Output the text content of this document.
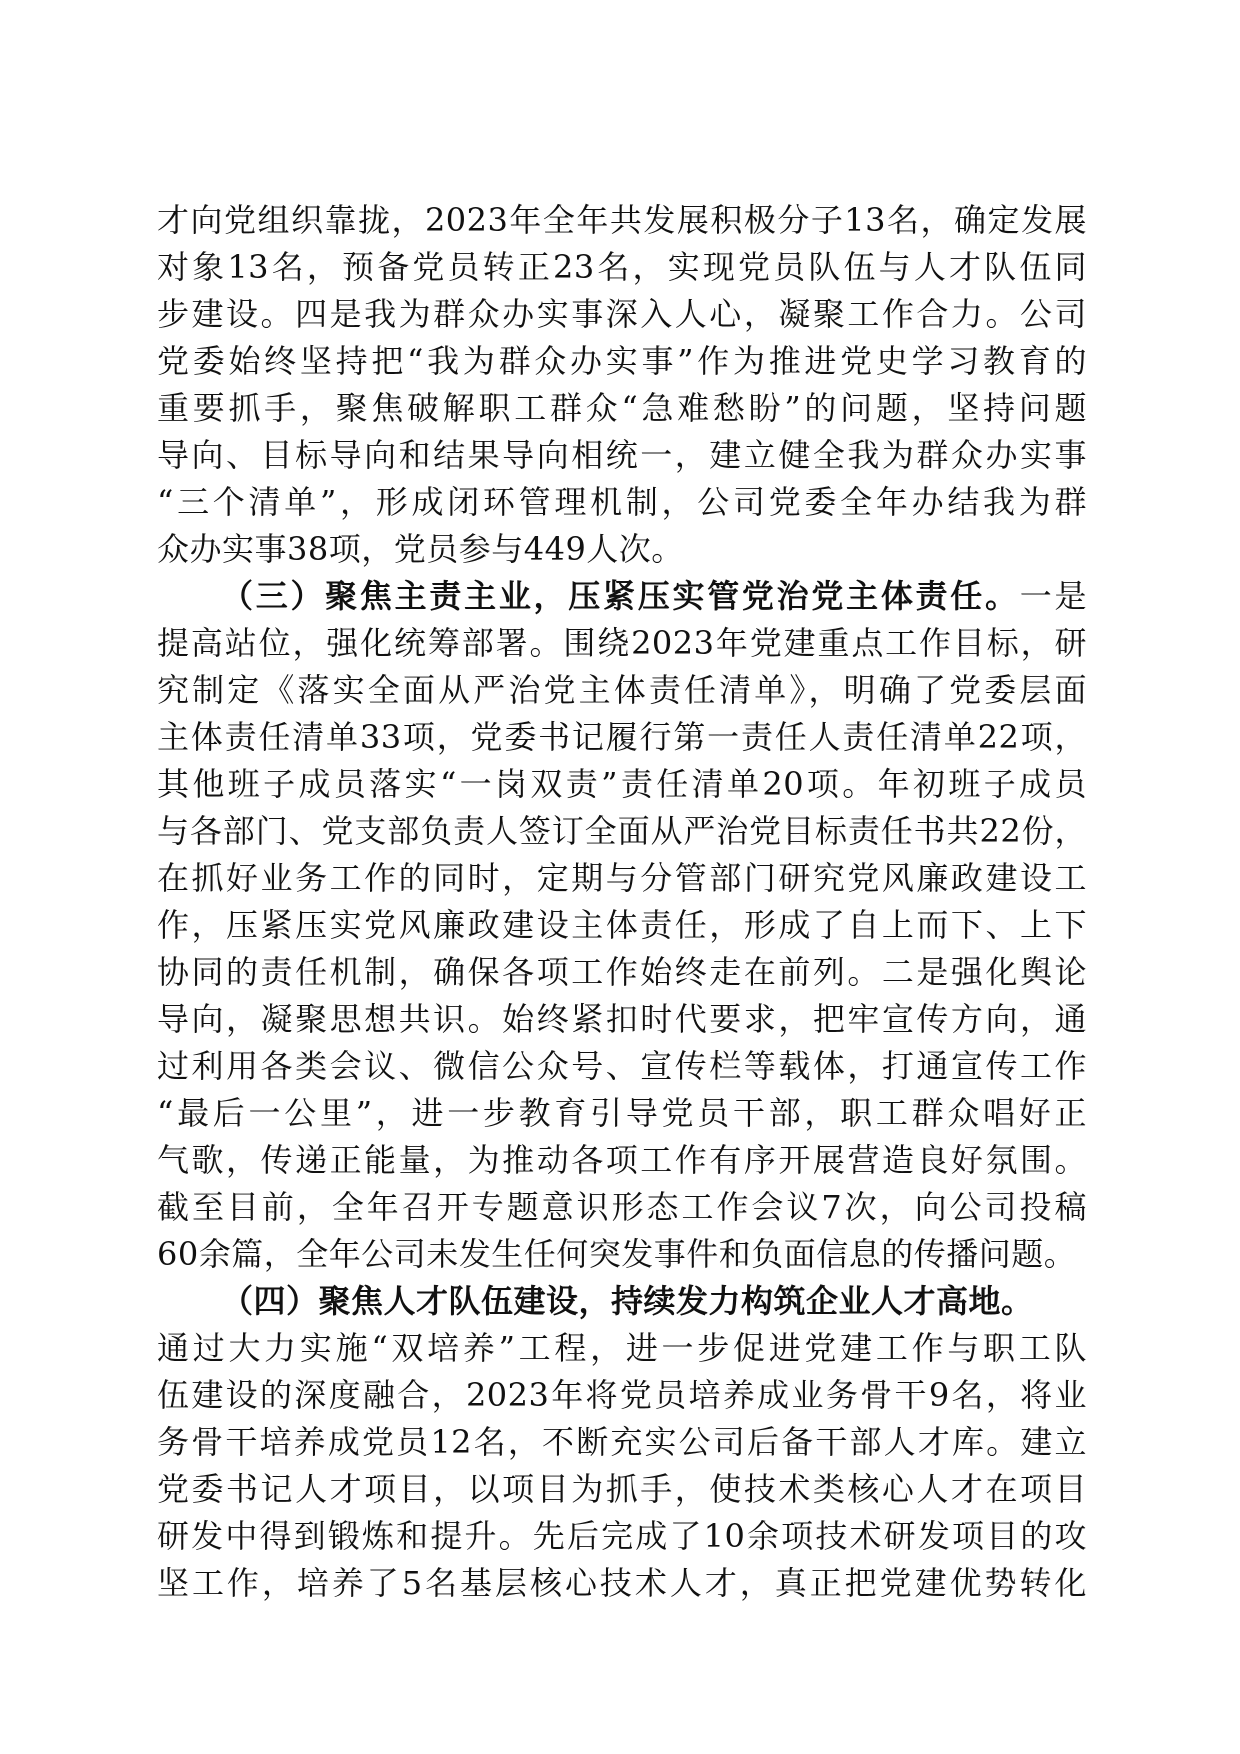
才向党组织靠拢，2023年全年共发展积极分子13名，确定发展
对象13名，预备党员转正23名，实现党员队伍与人才队伍同
步建设。四是我为群众办实事深入人心，凝聚工作合力。公司
党委始终坚持把“我为群众办实事”作为推进党史学习教育的
重要抓手，聚焦破解职工群众“急难愁盼”的问题，坚持问题
导向、目标导向和结果导向相统一，建立健全我为群众办实事
“三个清单”，形成闭环管理机制，公司党委全年办结我为群
众办实事38项，党员参与449人次。
（三）聚焦主责主业，压紧压实管党治党主体责任。一是
提高站位，强化统筹部署。围绕2023年党建重点工作目标，研
究制定《落实全面从严治党主体责任清单》，明确了党委层面
主体责任清单33项，党委书记履行第一责任人责任清单22项，
其他班子成员落实“一岗双责”责任清单20项。年初班子成员
与各部门、党支部负责人签订全面从严治党目标责任书共22份，
在抓好业务工作的同时，定期与分管部门研究党风廉政建设工
作，压紧压实党风廉政建设主体责任，形成了自上而下、上下
协同的责任机制，确保各项工作始终走在前列。二是强化舆论
导向，凝聚思想共识。始终紧扣时代要求，把牢宣传方向，通
过利用各类会议、微信公众号、宣传栏等载体，打通宣传工作
“最后一公里”，进一步教育引导党员干部，职工群众唱好正
气歌，传递正能量，为推动各项工作有序开展营造良好氛围。
截至目前，全年召开专题意识形态工作会议7次，向公司投稿
60余篇，全年公司未发生任何突发事件和负面信息的传播问题。
（四）聚焦人才队伍建设，持续发力构筑企业人才高地。
通过大力实施“双培养”工程，进一步促进党建工作与职工队
伍建设的深度融合，2023年将党员培养成业务骨干9名，将业
务骨干培养成党员12名，不断充实公司后备干部人才库。建立
党委书记人才项目，以项目为抓手，使技术类核心人才在项目
研发中得到锻炼和提升。先后完成了10余项技术研发项目的攻
坚工作，培养了5名基层核心技术人才，真正把党建优势转化
